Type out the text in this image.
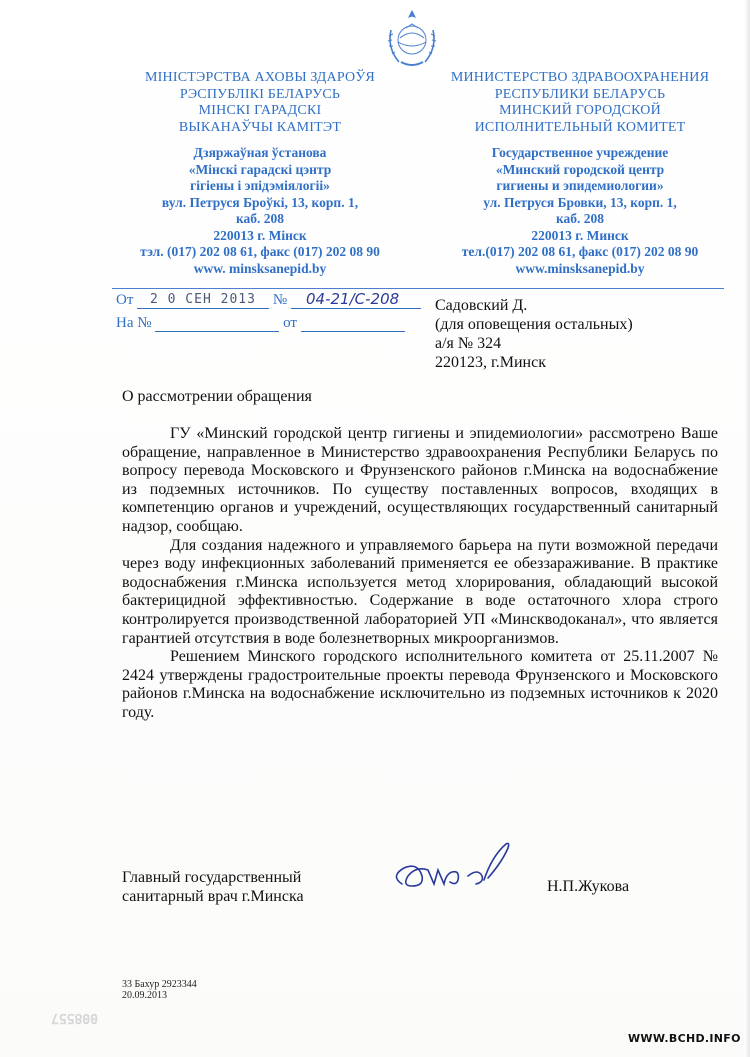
МІНІСТЭРСТВА АХОВЫ ЗДАРОЎЯ
РЭСПУБЛІКІ БЕЛАРУСЬ
МІНСКІ ГАРАДСКІ
ВЫКАНАЎЧЫ КАМІТЭТ
Дзяржаўная ўстанова
«Мінскі гарадскі цэнтр
гігіены і эпідэміялогіі»
вул. Петруся Броўкі, 13, корп. 1,
каб. 208
220013 г. Мінск
тэл. (017) 202 08 61, факс (017) 202 08 90
www. minsksanepid.by
МИНИСТЕРСТВО ЗДРАВООХРАНЕНИЯ
РЕСПУБЛИКИ БЕЛАРУСЬ
МИНСКИЙ ГОРОДСКОЙ
ИСПОЛНИТЕЛЬНЫЙ КОМИТЕТ
Государственное учреждение
«Минский городской центр
гигиены и эпидемиологии»
ул. Петруся Бровки, 13, корп. 1,
каб. 208
220013 г. Минск
тел.(017) 202 08 61, факс (017) 202 08 90
www.minsksanepid.by
От	№
2 0 СЕН 2013	04-21/С-208
На №	от
Садовский Д.
(для оповещения остальных)
а/я № 324
220123, г.Минск
О рассмотрении обращения

ГУ «Минский городской центр гигиены и эпидемиологии» рассмотрено Ваше обращение, направленное в Министерство здравоохранения Республики Беларусь по вопросу перевода Московского и Фрунзенского районов г.Минска на водоснабжение из подземных источников. По существу поставленных вопросов, входящих в компетенцию органов и учреждений, осуществляющих государственный санитарный надзор, сообщаю.

Для создания надежного и управляемого барьера на пути возможной передачи через воду инфекционных заболеваний применяется ее обеззараживание. В практике водоснабжения г.Минска используется метод хлорирования, обладающий высокой бактерицидной эффективностью. Содержание в воде остаточного хлора строго контролируется производственной лабораторией УП «Минскводоканал», что является гарантией отсутствия в воде болезнетворных микроорганизмов.

Решением Минского городского исполнительного комитета от 25.11.2007 № 2424 утверждены градостроительные проекты перевода Фрунзенского и Московского районов г.Минска на водоснабжение исключительно из подземных источников к 2020 году.

Главный государственный
санитарный врач г.Минска
Н.П.Жукова
33 Бахур 2923344
20.09.2013
008557
WWW.BCHD.INFO
